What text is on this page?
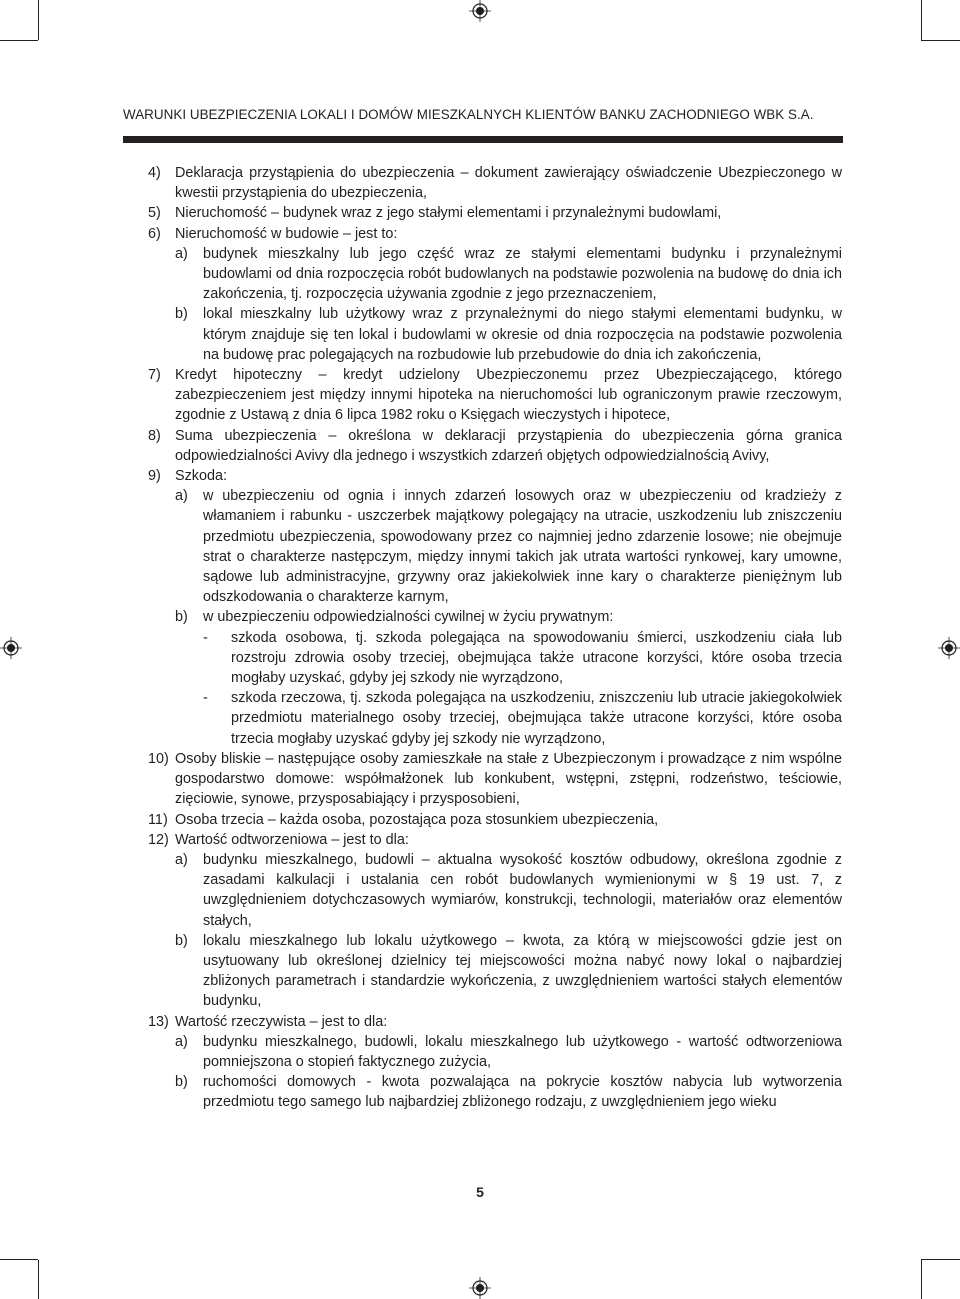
WARUNKI UBEZPIECZENIA LOKALI I DOMÓW MIESZKALNYCH KLIENTÓW BANKU ZACHODNIEGO WBK S.A.
4) Deklaracja przystąpienia do ubezpieczenia – dokument zawierający oświadczenie Ubezpieczonego w kwestii przystąpienia do ubezpieczenia,
5) Nieruchomość – budynek wraz z jego stałymi elementami i przynależnymi budowlami,
6) Nieruchomość w budowie – jest to:
a) budynek mieszkalny lub jego część wraz ze stałymi elementami budynku i przynależnymi budowlami od dnia rozpoczęcia robót budowlanych na podstawie pozwolenia na budowę do dnia ich zakończenia, tj. rozpoczęcia używania zgodnie z jego przeznaczeniem,
b) lokal mieszkalny lub użytkowy wraz z przynależnymi do niego stałymi elementami budynku, w którym znajduje się ten lokal i budowlami w okresie od dnia rozpoczęcia na podstawie pozwolenia na budowę prac polegających na rozbudowie lub przebudowie do dnia ich zakończenia,
7) Kredyt hipoteczny – kredyt udzielony Ubezpieczonemu przez Ubezpieczającego, którego zabezpieczeniem jest między innymi hipoteka na nieruchomości lub ograniczonym prawie rzeczowym, zgodnie z Ustawą z dnia 6 lipca 1982 roku o Księgach wieczystych i hipotece,
8) Suma ubezpieczenia – określona w deklaracji przystąpienia do ubezpieczenia górna granica odpowiedzialności Avivy dla jednego i wszystkich zdarzeń objętych odpowiedzialnością Avivy,
9) Szkoda:
a) w ubezpieczeniu od ognia i innych zdarzeń losowych oraz w ubezpieczeniu od kradzieży z włamaniem i rabunku - uszczerbek majątkowy polegający na utracie, uszkodzeniu lub zniszczeniu przedmiotu ubezpieczenia, spowodowany przez co najmniej jedno zdarzenie losowe; nie obejmuje strat o charakterze następczym, między innymi takich jak utrata wartości rynkowej, kary umowne, sądowe lub administracyjne, grzywny oraz jakiekolwiek inne kary o charakterze pieniężnym lub odszkodowania o charakterze karnym,
b) w ubezpieczeniu odpowiedzialności cywilnej w życiu prywatnym:
- szkoda osobowa, tj. szkoda polegająca na spowodowaniu śmierci, uszkodzeniu ciała lub rozstroju zdrowia osoby trzeciej, obejmująca także utracone korzyści, które osoba trzecia mogłaby uzyskać, gdyby jej szkody nie wyrządzono,
- szkoda rzeczowa, tj. szkoda polegająca na uszkodzeniu, zniszczeniu lub utracie jakiegokolwiek przedmiotu materialnego osoby trzeciej, obejmująca także utracone korzyści, które osoba trzecia mogłaby uzyskać gdyby jej szkody nie wyrządzono,
10) Osoby bliskie – następujące osoby zamieszkałe na stałe z Ubezpieczonym i prowadzące z nim wspólne gospodarstwo domowe: współmałżonek lub konkubent, wstępni, zstępni, rodzeństwo, teściowie, zięciowie, synowe, przysposabiający i przysposobieni,
11) Osoba trzecia – każda osoba, pozostająca poza stosunkiem ubezpieczenia,
12) Wartość odtworzeniowa – jest to dla:
a) budynku mieszkalnego, budowli – aktualna wysokość kosztów odbudowy, określona zgodnie z zasadami kalkulacji i ustalania cen robót budowlanych wymienionymi w § 19 ust. 7, z uwzględnieniem dotychczasowych wymiarów, konstrukcji, technologii, materiałów oraz elementów stałych,
b) lokalu mieszkalnego lub lokalu użytkowego – kwota, za którą w miejscowości gdzie jest on usytuowany lub określonej dzielnicy tej miejscowości można nabyć nowy lokal o najbardziej zbliżonych parametrach i standardzie wykończenia, z uwzględnieniem wartości stałych elementów budynku,
13) Wartość rzeczywista – jest to dla:
a) budynku mieszkalnego, budowli, lokalu mieszkalnego lub użytkowego - wartość odtworzeniowa pomniejszona o stopień faktycznego zużycia,
b) ruchomości domowych - kwota pozwalająca na pokrycie kosztów nabycia lub wytworzenia przedmiotu tego samego lub najbardziej zbliżonego rodzaju, z uwzględnieniem jego wieku
5
